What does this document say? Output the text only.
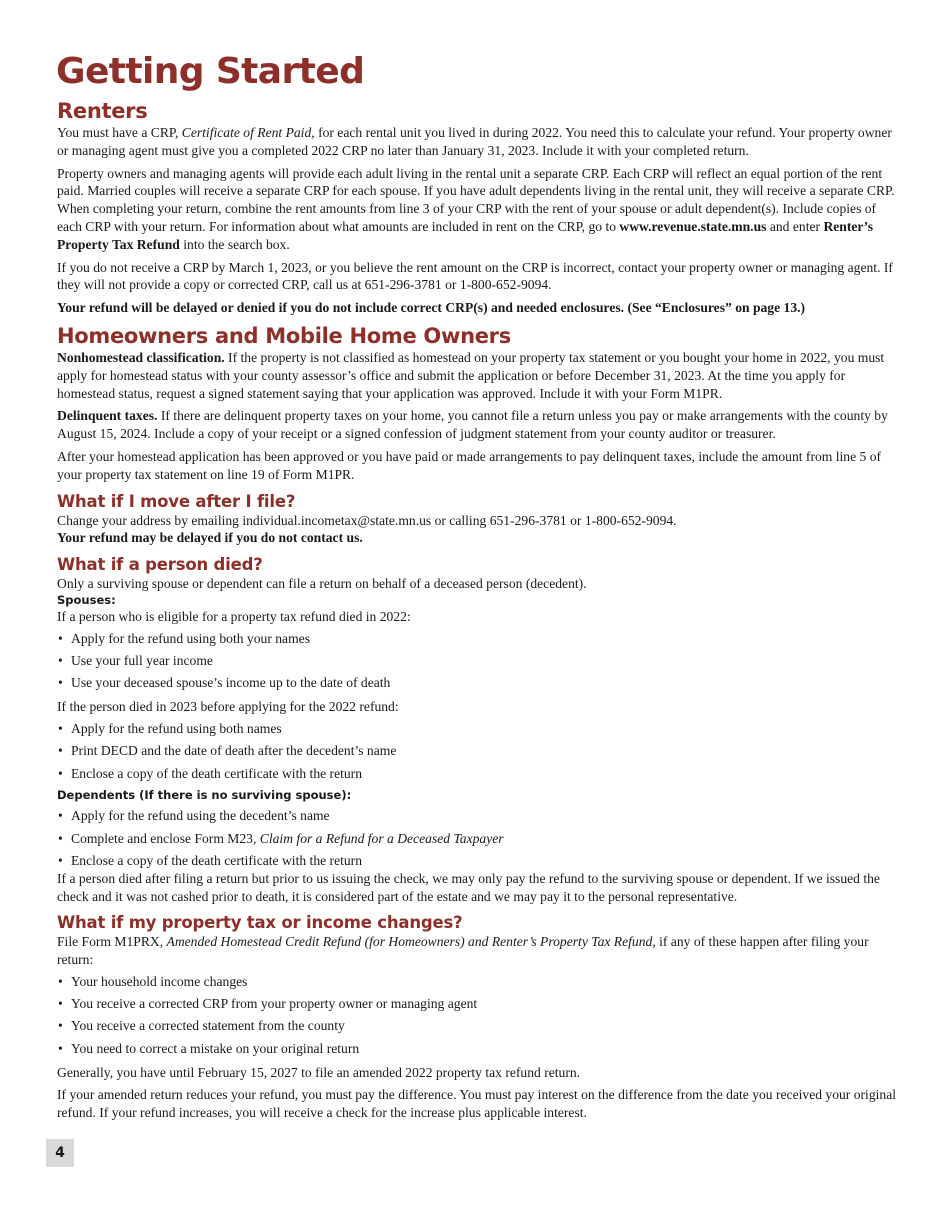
Getting Started
Renters

You must have a CRP, Certificate of Rent Paid, for each rental unit you lived in during 2022. You need this to calculate your refund. Your property owner or managing agent must give you a completed 2022 CRP no later than January 31, 2023. Include it with your completed return.

Property owners and managing agents will provide each adult living in the rental unit a separate CRP. Each CRP will reflect an equal portion of the rent paid. Married couples will receive a separate CRP for each spouse. If you have adult dependents living in the rental unit, they will receive a separate CRP. When completing your return, combine the rent amounts from line 3 of your CRP with the rent of your spouse or adult dependent(s). Include copies of each CRP with your return. For information about what amounts are included in rent on the CRP, go to www.revenue.state.mn.us and enter Renter’s Property Tax Refund into the search box.

If you do not receive a CRP by March 1, 2023, or you believe the rent amount on the CRP is incorrect, contact your property owner or managing agent. If they will not provide a copy or corrected CRP, call us at 651-296-3781 or 1-800-652-9094.

Your refund will be delayed or denied if you do not include correct CRP(s) and needed enclosures. (See “Enclosures” on page 13.)

Homeowners and Mobile Home Owners

Nonhomestead classification. If the property is not classified as homestead on your property tax statement or you bought your home in 2022, you must apply for homestead status with your county assessor’s office and submit the application or before December 31, 2023. At the time you apply for homestead status, request a signed statement saying that your application was approved. Include it with your Form M1PR.

Delinquent taxes. If there are delinquent property taxes on your home, you cannot file a return unless you pay or make arrangements with the county by August 15, 2024. Include a copy of your receipt or a signed confession of judgment statement from your county auditor or treasurer.

After your homestead application has been approved or you have paid or made arrangements to pay delinquent taxes, include the amount from line 5 of your property tax statement on line 19 of Form M1PR.

What if I move after I file?

Change your address by emailing individual.incometax@state.mn.us or calling 651-296-3781 or 1-800-652-9094.

Your refund may be delayed if you do not contact us.

What if a person died?

Only a surviving spouse or dependent can file a return on behalf of a deceased person (decedent).

Spouses:

If a person who is eligible for a property tax refund died in 2022:

• Apply for the refund using both your names
• Use your full year income
• Use your deceased spouse’s income up to the date of death

If the person died in 2023 before applying for the 2022 refund:

• Apply for the refund using both names
• Print DECD and the date of death after the decedent’s name
• Enclose a copy of the death certificate with the return
Dependents (If there is no surviving spouse):
• Apply for the refund using the decedent’s name
• Complete and enclose Form M23, Claim for a Refund for a Deceased Taxpayer
• Enclose a copy of the death certificate with the return

If a person died after filing a return but prior to us issuing the check, we may only pay the refund to the surviving spouse or dependent. If we issued the check and it was not cashed prior to death, it is considered part of the estate and we may pay it to the personal representative.

What if my property tax or income changes?

File Form M1PRX, Amended Homestead Credit Refund (for Homeowners) and Renter’s Property Tax Refund, if any of these happen after filing your return:

• Your household income changes
• You receive a corrected CRP from your property owner or managing agent
• You receive a corrected statement from the county
• You need to correct a mistake on your original return

Generally, you have until February 15, 2027 to file an amended 2022 property tax refund return.

If your amended return reduces your refund, you must pay the difference. You must pay interest on the difference from the date you received your original refund. If your refund increases, you will receive a check for the increase plus applicable interest.

4
